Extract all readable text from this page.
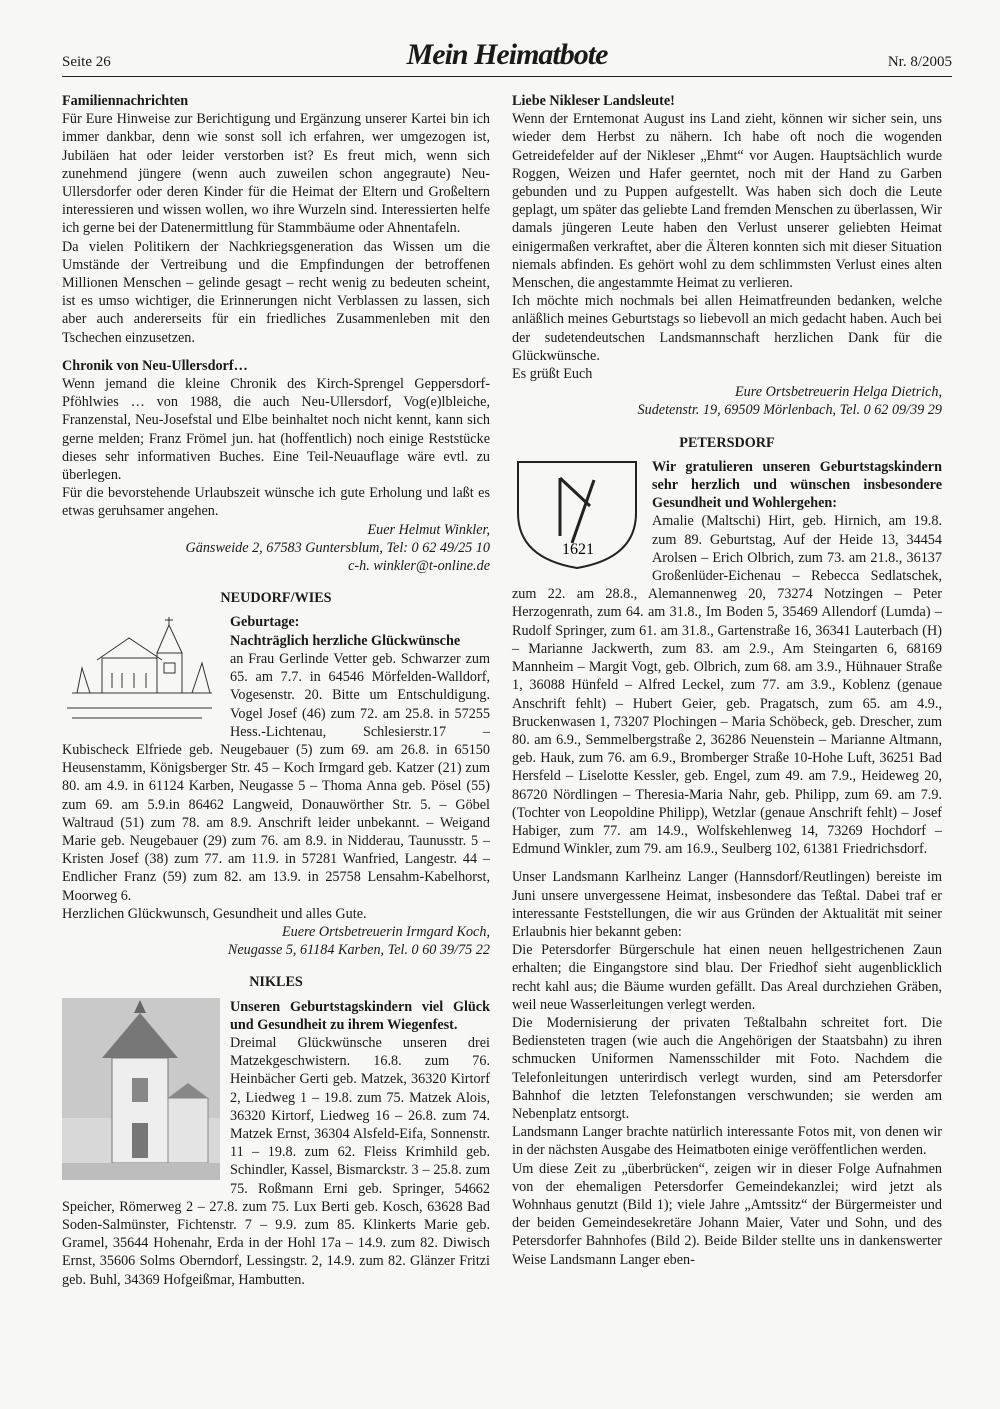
Seite 26	Mein Heimatbote	Nr. 8/2005

Familiennachrichten

Für Eure Hinweise zur Berichtigung und Ergänzung unserer Kartei bin ich immer dankbar, denn wie sonst soll ich erfahren, wer umgezogen ist, Jubiläen hat oder leider verstorben ist? Es freut mich, wenn sich zunehmend jüngere (wenn auch zuweilen schon angegraute) Neu-Ullersdorfer oder deren Kinder für die Heimat der Eltern und Großeltern interessieren und wissen wollen, wo ihre Wurzeln sind. Interessierten helfe ich gerne bei der Datenermittlung für Stammbäume oder Ahnentafeln.

Da vielen Politikern der Nachkriegsgeneration das Wissen um die Umstände der Vertreibung und die Empfindungen der betroffenen Millionen Menschen – gelinde gesagt – recht wenig zu bedeuten scheint, ist es umso wichtiger, die Erinnerungen nicht Verblassen zu lassen, sich aber auch andererseits für ein friedliches Zusammenleben mit den Tschechen einzusetzen.

Chronik von Neu-Ullersdorf…

Wenn jemand die kleine Chronik des Kirch-Sprengel Geppersdorf-Pföhlwies … von 1988, die auch Neu-Ullersdorf, Vog(e)lbleiche, Franzenstal, Neu-Josefstal und Elbe beinhaltet noch nicht kennt, kann sich gerne melden; Franz Frömel jun. hat (hoffentlich) noch einige Reststücke dieses sehr informativen Buches. Eine Teil-Neuauflage wäre evtl. zu überlegen.

Für die bevorstehende Urlaubszeit wünsche ich gute Erholung und laßt es etwas geruhsamer angehen.

Euer Helmut Winkler,

Gänsweide 2, 67583 Guntersblum, Tel: 0 62 49/25 10

c-h. winkler@t-online.de

NEUDORF/WIES

Geburtage:

Nachträglich herzliche Glückwünsche

an Frau Gerlinde Vetter geb. Schwarzer zum 65. am 7.7. in 64546 Mörfelden-Walldorf, Vogesenstr. 20. Bitte um Entschuldigung. Vogel Josef (46) zum 72. am 25.8. in 57255 Hess.-Lichtenau, Schlesierstr.17 – Kubischeck Elfriede geb. Neugebauer (5) zum 69. am 26.8. in 65150 Heusenstamm, Königsberger Str. 45 – Koch Irmgard geb. Katzer (21) zum 80. am 4.9. in 61124 Karben, Neugasse 5 – Thoma Anna geb. Pösel (55) zum 69. am 5.9.in 86462 Langweid, Donauwörther Str. 5. – Göbel Waltraud (51) zum 78. am 8.9. Anschrift leider unbekannt. – Weigand Marie geb. Neugebauer (29) zum 76. am 8.9. in Nidderau, Taunusstr. 5 – Kristen Josef (38) zum 77. am 11.9. in 57281 Wanfried, Langestr. 44 – Endlicher Franz (59) zum 82. am 13.9. in 25758 Lensahm-Kabelhorst, Moorweg 6.

Herzlichen Glückwunsch, Gesundheit und alles Gute.

Euere Ortsbetreuerin Irmgard Koch,

Neugasse 5, 61184 Karben, Tel. 0 60 39/75 22

NIKLES

Unseren Geburtstagskindern viel Glück und Gesundheit zu ihrem Wiegenfest.

Dreimal Glückwünsche unseren drei Matzekgeschwistern. 16.8. zum 76. Heinbächer Gerti geb. Matzek, 36320 Kirtorf 2, Liedweg 1 – 19.8. zum 75. Matzek Alois, 36320 Kirtorf, Liedweg 16 – 26.8. zum 74. Matzek Ernst, 36304 Alsfeld-Eifa, Sonnenstr. 11 – 19.8. zum 62. Fleiss Krimhild geb. Schindler, Kassel, Bismarckstr. 3 – 25.8. zum 75. Roßmann Erni geb. Springer, 54662 Speicher, Römerweg 2 – 27.8. zum 75. Lux Berti geb. Kosch, 63628 Bad Soden-Salmünster, Fichtenstr. 7 – 9.9. zum 85. Klinkerts Marie geb. Gramel, 35644 Hohenahr, Erda in der Hohl 17a – 14.9. zum 82. Diwisch Ernst, 35606 Solms Oberndorf, Lessingstr. 2, 14.9. zum 82. Glänzer Fritzi geb. Buhl, 34369 Hofgeißmar, Hambutten.

Liebe Nikleser Landsleute!

Wenn der Erntemonat August ins Land zieht, können wir sicher sein, uns wieder dem Herbst zu nähern. Ich habe oft noch die wogenden Getreidefelder auf der Nikleser „Ehmt“ vor Augen. Hauptsächlich wurde Roggen, Weizen und Hafer geerntet, noch mit der Hand zu Garben gebunden und zu Puppen aufgestellt. Was haben sich doch die Leute geplagt, um später das geliebte Land fremden Menschen zu überlassen, Wir damals jüngeren Leute haben den Verlust unserer geliebten Heimat einigermaßen verkraftet, aber die Älteren konnten sich mit dieser Situation niemals abfinden. Es gehört wohl zu dem schlimmsten Verlust eines alten Menschen, die angestammte Heimat zu verlieren.

Ich möchte mich nochmals bei allen Heimatfreunden bedanken, welche anläßlich meines Geburtstags so liebevoll an mich gedacht haben. Auch bei der sudetendeutschen Landsmannschaft herzlichen Dank für die Glückwünsche.

Es grüßt Euch

Eure Ortsbetreuerin Helga Dietrich,

Sudetenstr. 19, 69509 Mörlenbach, Tel. 0 62 09/39 29

PETERSDORF

1621

Wir gratulieren unseren Geburtstagskindern sehr herzlich und wünschen insbesondere Gesundheit und Wohlergehen:

Amalie (Maltschi) Hirt, geb. Hirnich, am 19.8. zum 89. Geburtstag, Auf der Heide 13, 34454 Arolsen – Erich Olbrich, zum 73. am 21.8., 36137 Großenlüder-Eichenau – Rebecca Sedlatschek, zum 22. am 28.8., Alemannenweg 20, 73274 Notzingen – Peter Herzogenrath, zum 64. am 31.8., Im Boden 5, 35469 Allendorf (Lumda) – Rudolf Springer, zum 61. am 31.8., Gartenstraße 16, 36341 Lauterbach (H) – Marianne Jackwerth, zum 83. am 2.9., Am Steingarten 6, 68169 Mannheim – Margit Vogt, geb. Olbrich, zum 68. am 3.9., Hühnauer Straße 1, 36088 Hünfeld – Alfred Leckel, zum 77. am 3.9., Koblenz (genaue Anschrift fehlt) – Hubert Geier, geb. Pragatsch, zum 65. am 4.9., Bruckenwasen 1, 73207 Plochingen – Maria Schöbeck, geb. Drescher, zum 80. am 6.9., Semmelbergstraße 2, 36286 Neuenstein – Marianne Altmann, geb. Hauk, zum 76. am 6.9., Bromberger Straße 10-Hohe Luft, 36251 Bad Hersfeld – Liselotte Kessler, geb. Engel, zum 49. am 7.9., Heideweg 20, 86720 Nördlingen – Theresia-Maria Nahr, geb. Philipp, zum 69. am 7.9. (Tochter von Leopoldine Philipp), Wetzlar (genaue Anschrift fehlt) – Josef Habiger, zum 77. am 14.9., Wolfskehlenweg 14, 73269 Hochdorf – Edmund Winkler, zum 79. am 16.9., Seulberg 102, 61381 Friedrichsdorf.

Unser Landsmann Karlheinz Langer (Hannsdorf/Reutlingen) bereiste im Juni unsere unvergessene Heimat, insbesondere das Teßtal. Dabei traf er interessante Feststellungen, die wir aus Gründen der Aktualität mit seiner Erlaubnis hier bekannt geben:

Die Petersdorfer Bürgerschule hat einen neuen hellgestrichenen Zaun erhalten; die Eingangstore sind blau. Der Friedhof sieht augenblicklich recht kahl aus; die Bäume wurden gefällt. Das Areal durchziehen Gräben, weil neue Wasserleitungen verlegt werden.

Die Modernisierung der privaten Teßtalbahn schreitet fort. Die Bediensteten tragen (wie auch die Angehörigen der Staatsbahn) zu ihren schmucken Uniformen Namensschilder mit Foto. Nachdem die Telefonleitungen unterirdisch verlegt wurden, sind am Petersdorfer Bahnhof die letzten Telefonstangen verschwunden; sie werden am Nebenplatz entsorgt.

Landsmann Langer brachte natürlich interessante Fotos mit, von denen wir in der nächsten Ausgabe des Heimatboten einige veröffentlichen werden.

Um diese Zeit zu „überbrücken“, zeigen wir in dieser Folge Aufnahmen von der ehemaligen Petersdorfer Gemeindekanzlei; wird jetzt als Wohnhaus genutzt (Bild 1); viele Jahre „Amtssitz“ der Bürgermeister und der beiden Gemeindesekretäre Johann Maier, Vater und Sohn, und des Petersdorfer Bahnhofes (Bild 2). Beide Bilder stellte uns in dankenswerter Weise Landsmann Langer eben-
